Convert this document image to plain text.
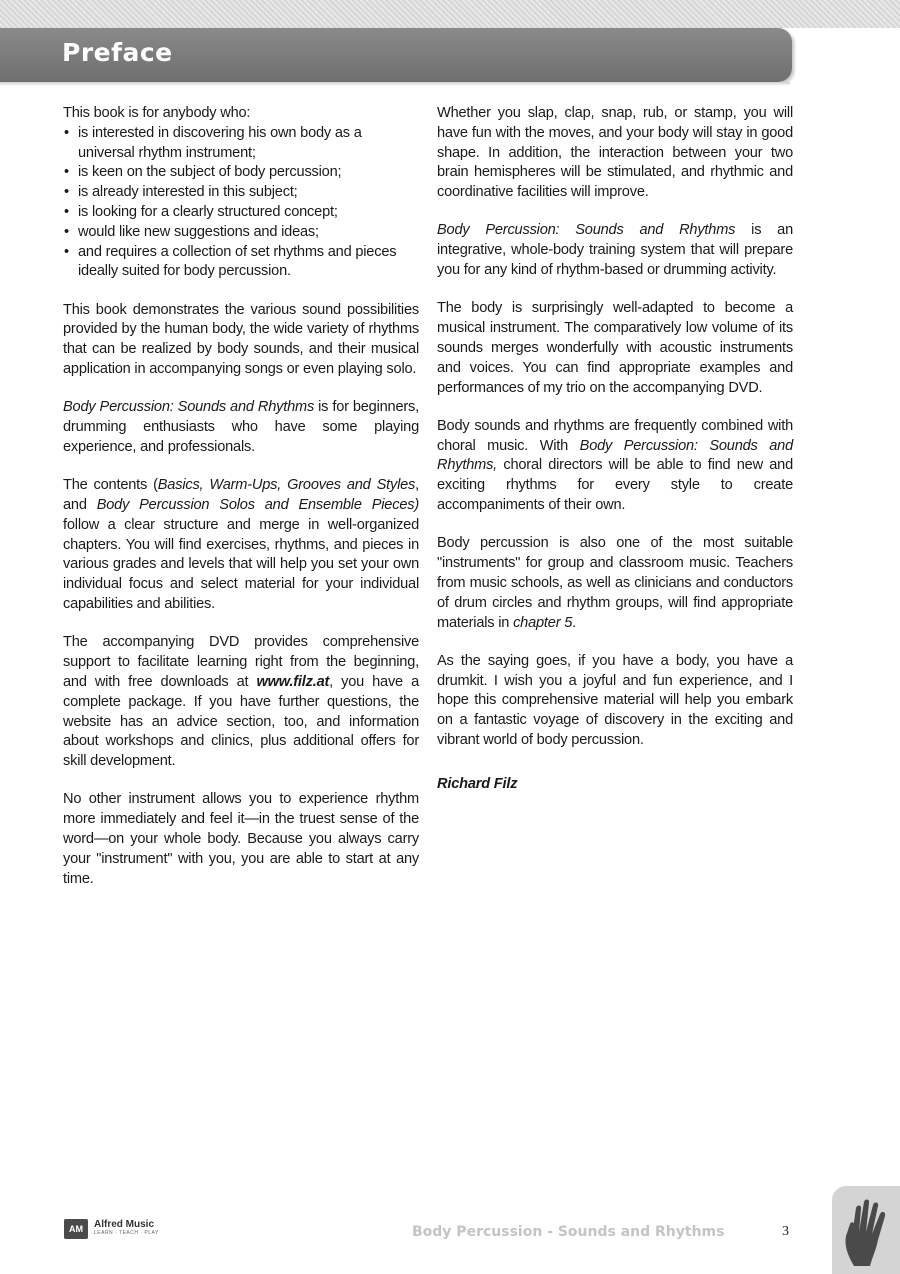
Preface
This book is for anybody who:
• is interested in discovering his own body as a universal rhythm instrument;
• is keen on the subject of body percussion;
• is already interested in this subject;
• is looking for a clearly structured concept;
• would like new suggestions and ideas;
• and requires a collection of set rhythms and pieces ideally suited for body percussion.

This book demonstrates the various sound possibilities provided by the human body, the wide variety of rhythms that can be realized by body sounds, and their musical application in accompanying songs or even playing solo.

Body Percussion: Sounds and Rhythms is for beginners, drumming enthusiasts who have some playing experience, and professionals.

The contents (Basics, Warm-Ups, Grooves and Styles, and Body Percussion Solos and Ensemble Pieces) follow a clear structure and merge in well-organized chapters. You will find exercises, rhythms, and pieces in various grades and levels that will help you set your own individual focus and select material for your individual capabilities and abilities.

The accompanying DVD provides comprehensive support to facilitate learning right from the beginning, and with free downloads at www.filz.at, you have a complete package. If you have further questions, the website has an advice section, too, and information about workshops and clinics, plus additional offers for skill development.

No other instrument allows you to experience rhythm more immediately and feel it—in the truest sense of the word—on your whole body. Because you always carry your "instrument" with you, you are able to start at any time.

Whether you slap, clap, snap, rub, or stamp, you will have fun with the moves, and your body will stay in good shape. In addition, the interaction between your two brain hemispheres will be stimulated, and rhythmic and coordinative facilities will improve.

Body Percussion: Sounds and Rhythms is an integrative, whole-body training system that will prepare you for any kind of rhythm-based or drumming activity.

The body is surprisingly well-adapted to become a musical instrument. The comparatively low volume of its sounds merges wonderfully with acoustic instruments and voices. You can find appropriate examples and performances of my trio on the accompanying DVD.

Body sounds and rhythms are frequently combined with choral music. With Body Percussion: Sounds and Rhythms, choral directors will be able to find new and exciting rhythms for every style to create accompaniments of their own.

Body percussion is also one of the most suitable "instruments" for group and classroom music. Teachers from music schools, as well as clinicians and conductors of drum circles and rhythm groups, will find appropriate materials in chapter 5.

As the saying goes, if you have a body, you have a drumkit. I wish you a joyful and fun experience, and I hope this comprehensive material will help you embark on a fantastic voyage of discovery in the exciting and vibrant world of body percussion.

Richard Filz

AM	Alfred Music
LEARN · TEACH · PLAY	Body Percussion - Sounds and Rhythms	3
